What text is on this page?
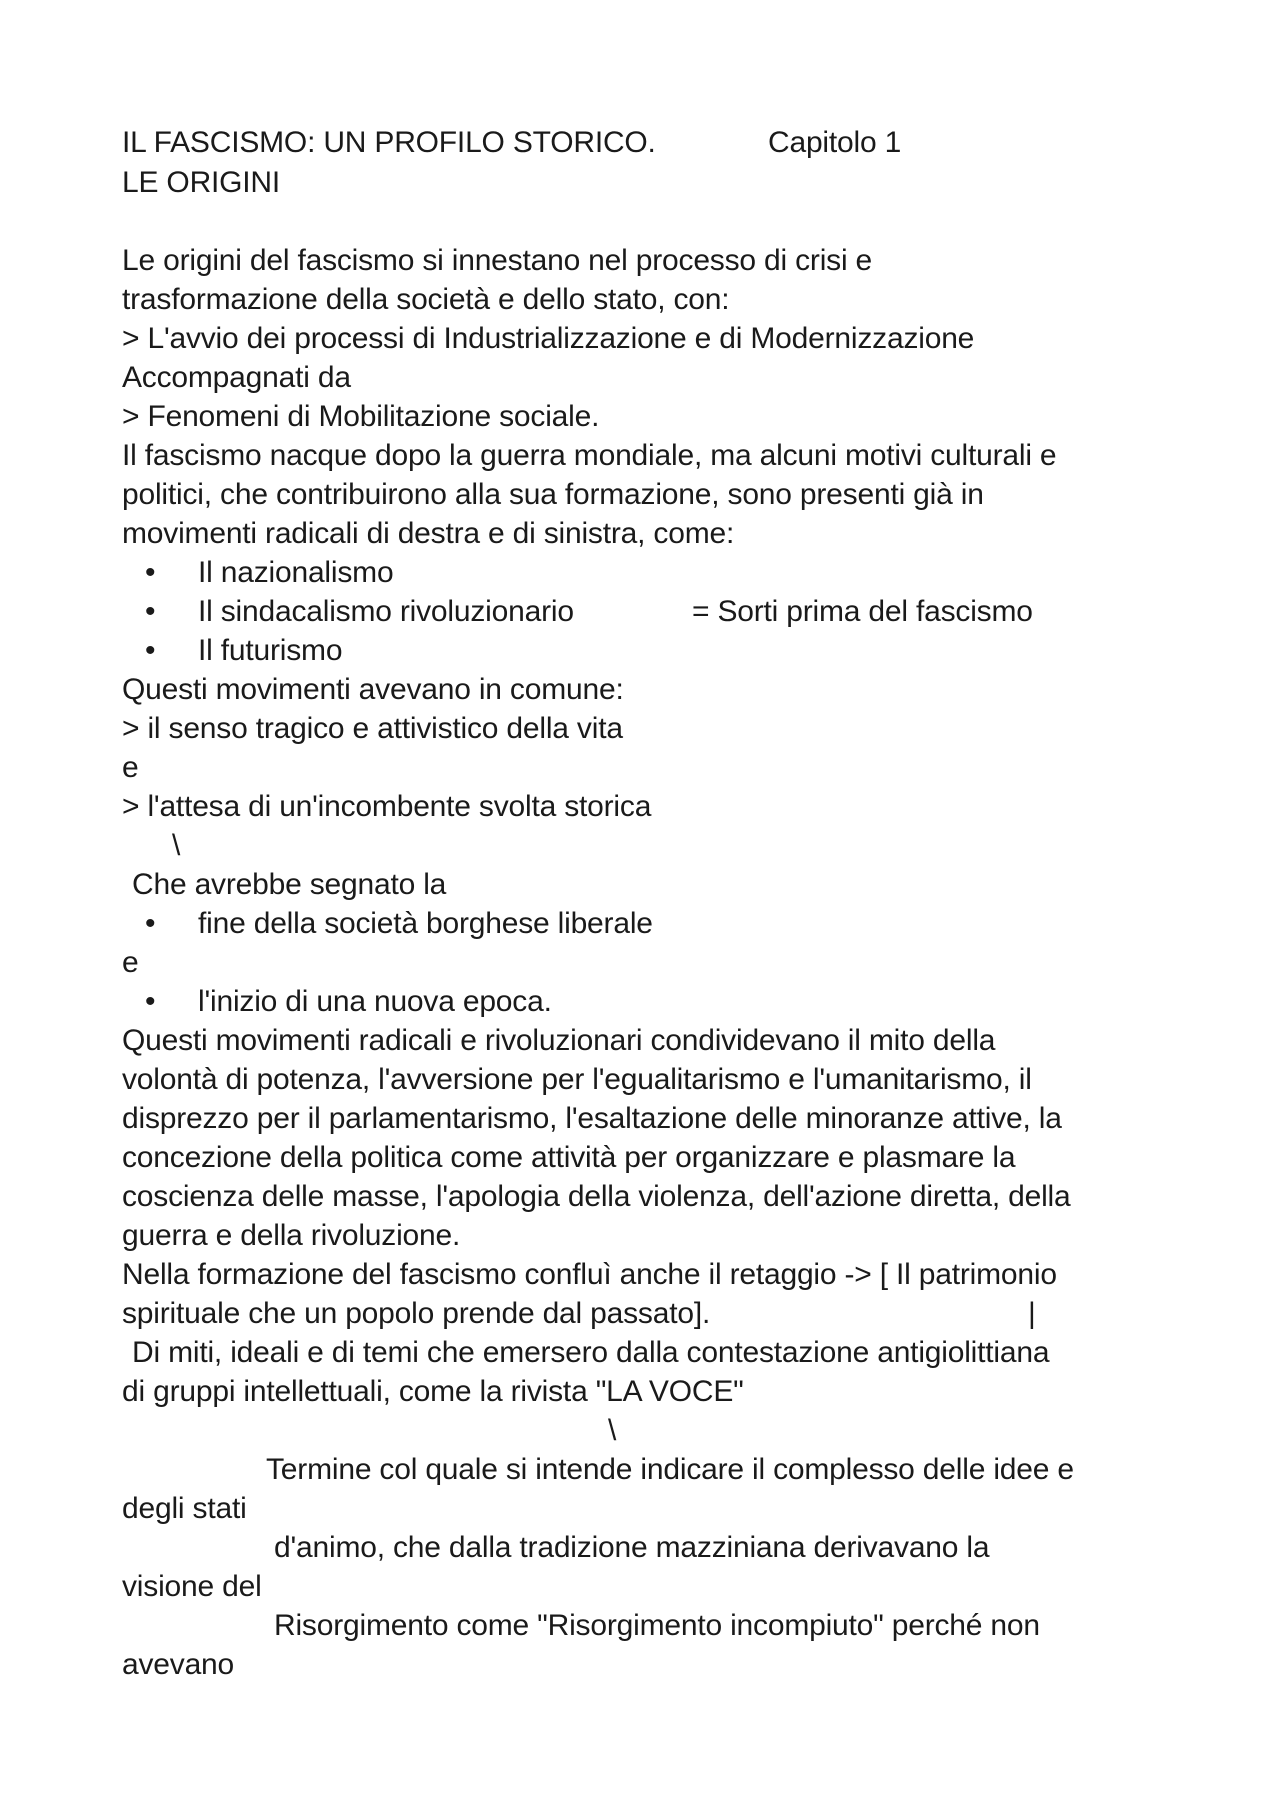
IL FASCISMO: UN PROFILO STORICO.	Capitolo 1
LE ORIGINI
Le origini del fascismo si innestano nel processo di crisi e
trasformazione della società e dello stato, con:
> L'avvio dei processi di Industrializzazione e di Modernizzazione
Accompagnati da
> Fenomeni di Mobilitazione sociale.
Il fascismo nacque dopo la guerra mondiale, ma alcuni motivi culturali e
politici, che contribuirono alla sua formazione, sono presenti già in
movimenti radicali di destra e di sinistra, come:
• Il nazionalismo
• Il sindacalismo rivoluzionario	= Sorti prima del fascismo
• Il futurismo
Questi movimenti avevano in comune:
> il senso tragico e attivistico della vita
e
> l'attesa di un'incombente svolta storica
\
Che avrebbe segnato la
• fine della società borghese liberale
e
• l'inizio di una nuova epoca.
Questi movimenti radicali e rivoluzionari condividevano il mito della
volontà di potenza, l'avversione per l'egualitarismo e l'umanitarismo, il
disprezzo per il parlamentarismo, l'esaltazione delle minoranze attive, la
concezione della politica come attività per organizzare e plasmare la
coscienza delle masse, l'apologia della violenza, dell'azione diretta, della
guerra e della rivoluzione.
Nella formazione del fascismo confluì anche il retaggio -> [ Il patrimonio
spirituale che un popolo prende dal passato].	|
Di miti, ideali e di temi che emersero dalla contestazione antigiolittiana
di gruppi intellettuali, come la rivista "LA VOCE"
\
Termine col quale si intende indicare il complesso delle idee e
degli stati
d'animo, che dalla tradizione mazziniana derivavano la
visione del
Risorgimento come "Risorgimento incompiuto" perché non
avevano
